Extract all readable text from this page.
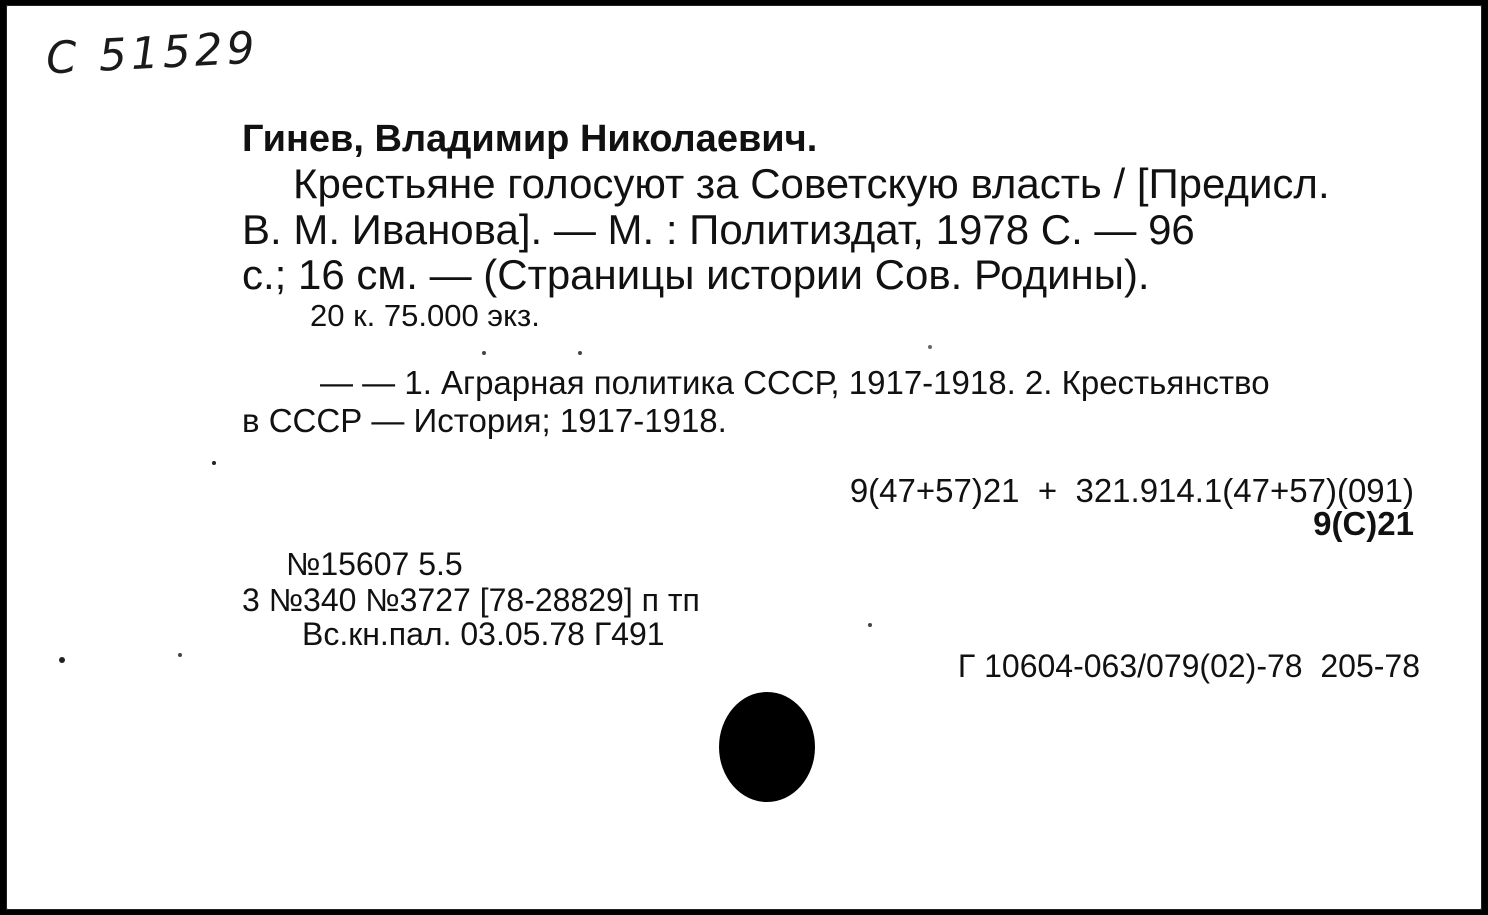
C 51529
Гинев, Владимир Николаевич.
Крестьяне голосуют за Советскую власть / [Предисл.
В. М. Иванова]. — М. : Политиздат, 1978 С. — 96
с.; 16 см. — (Страницы истории Сов. Родины).
20 к. 75.000 экз.
— — 1. Аграрная политика СССР, 1917-1918. 2. Крестьянство
в СССР — История; 1917-1918.
9(47+57)21  +  321.914.1(47+57)(091)
9(С)21
№15607 5.5
3 №340 №3727 [78-28829] п тп
Вс.кн.пал. 03.05.78 Г491
Г 10604-063/079(02)-78  205-78
